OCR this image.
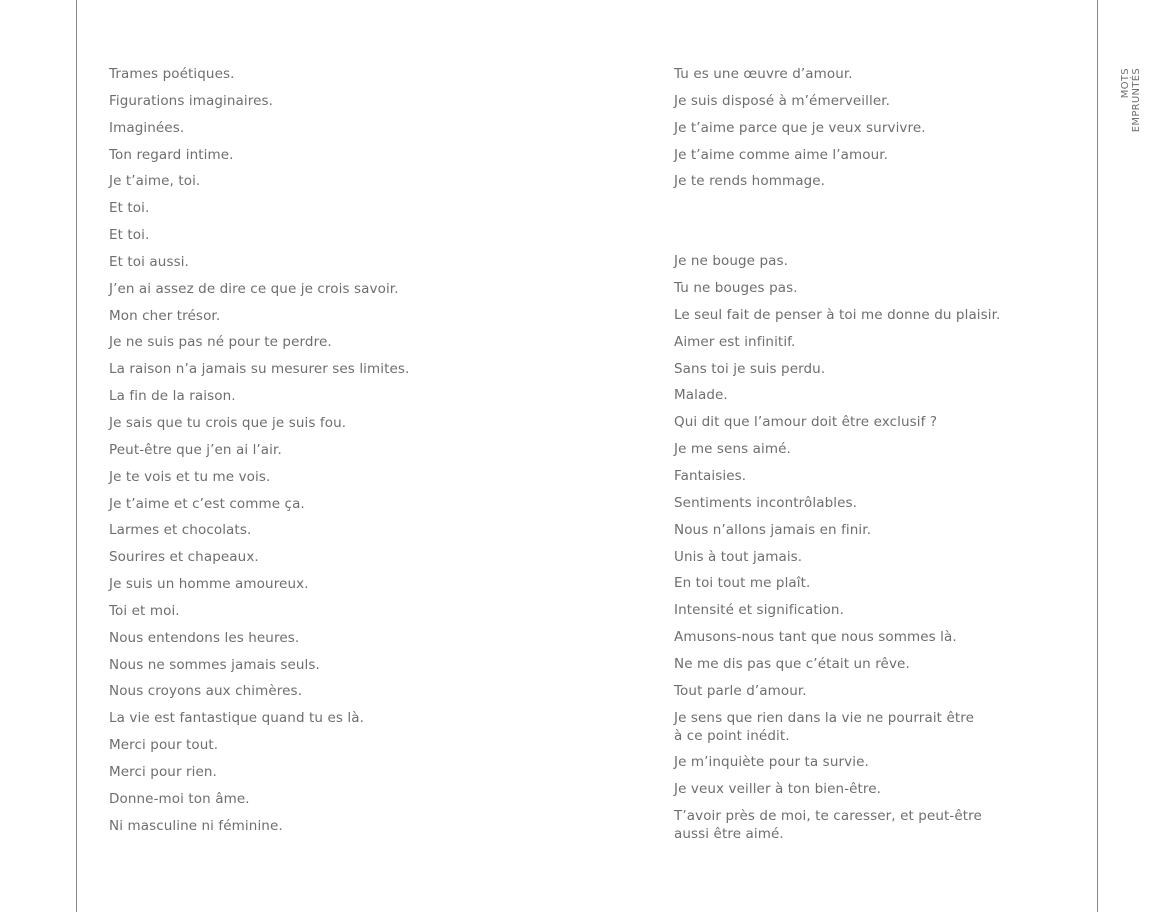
Trames poétiques.
Figurations imaginaires.
Imaginées.
Ton regard intime.
Je t’aime, toi.
Et toi.
Et toi.
Et toi aussi.
J’en ai assez de dire ce que je crois savoir.
Mon cher trésor.
Je ne suis pas né pour te perdre.
La raison n’a jamais su mesurer ses limites.
La fin de la raison.
Je sais que tu crois que je suis fou.
Peut-être que j’en ai l’air.
Je te vois et tu me vois.
Je t’aime et c’est comme ça.
Larmes et chocolats.
Sourires et chapeaux.
Je suis un homme amoureux.
Toi et moi.
Nous entendons les heures.
Nous ne sommes jamais seuls.
Nous croyons aux chimères.
La vie est fantastique quand tu es là.
Merci pour tout.
Merci pour rien.
Donne-moi ton âme.
Ni masculine ni féminine.
Tu es une œuvre d’amour.
Je suis disposé à m’émerveiller.
Je t’aime parce que je veux survivre.
Je t’aime comme aime l’amour.
Je te rends hommage.
Je ne bouge pas.
Tu ne bouges pas.
Le seul fait de penser à toi me donne du plaisir.
Aimer est infinitif.
Sans toi je suis perdu.
Malade.
Qui dit que l’amour doit être exclusif ?
Je me sens aimé.
Fantaisies.
Sentiments incontrôlables.
Nous n’allons jamais en finir.
Unis à tout jamais.
En toi tout me plaît.
Intensité et signification.
Amusons-nous tant que nous sommes là.
Ne me dis pas que c’était un rêve.
Tout parle d’amour.
Je sens que rien dans la vie ne pourrait être
à ce point inédit.
Je m’inquiète pour ta survie.
Je veux veiller à ton bien-être.
T’avoir près de moi, te caresser, et peut-être
aussi être aimé.
MOTS
EMPRUNTÉS
